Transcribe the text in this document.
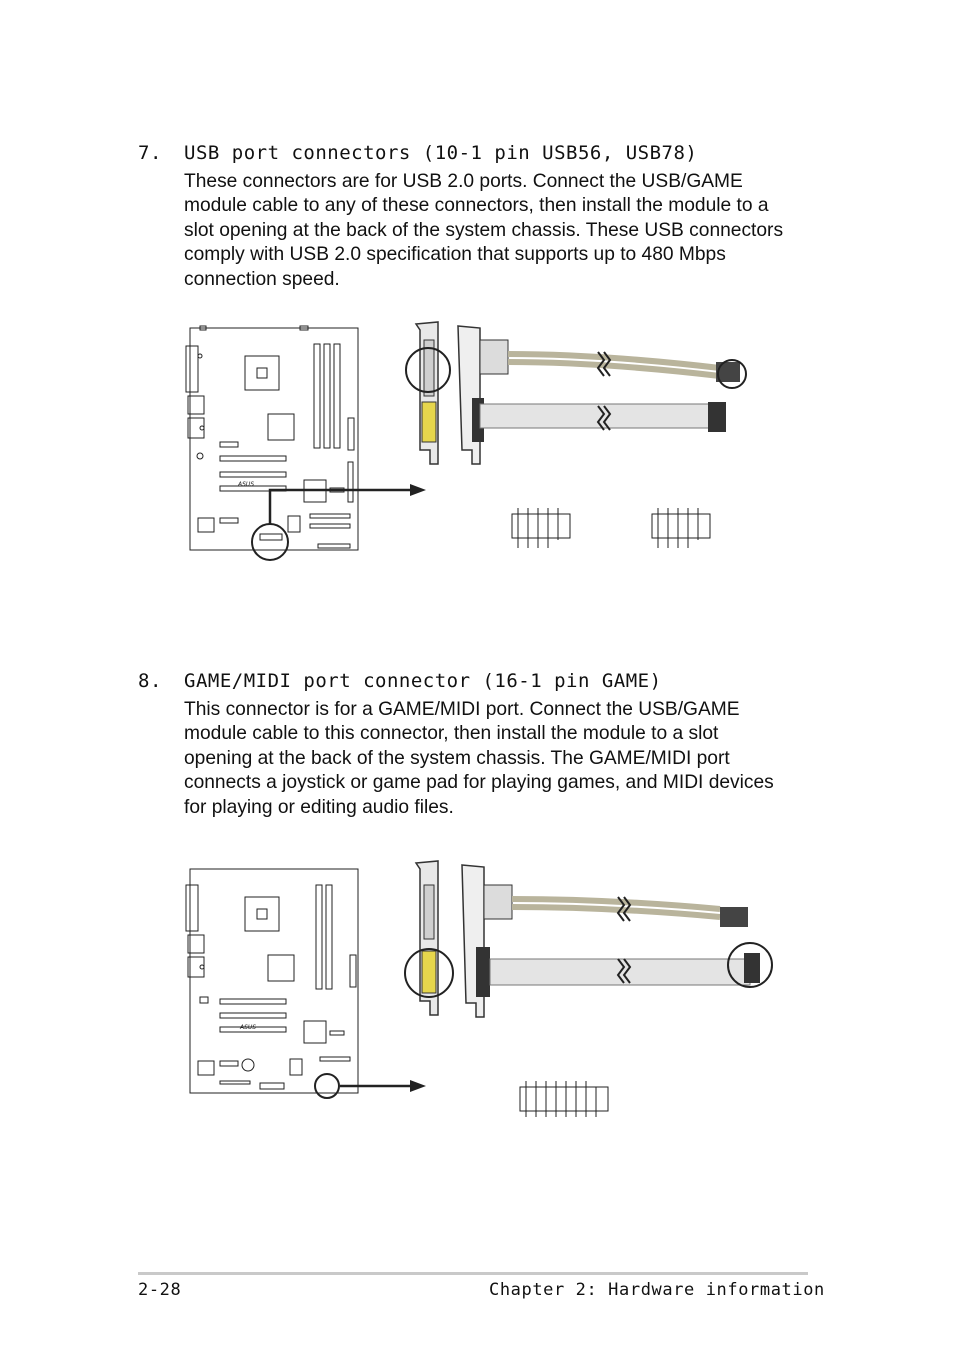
7. USB port connectors (10-1 pin USB56, USB78)
These connectors are for USB 2.0 ports. Connect the USB/GAME
module cable to any of these connectors, then install the module to a
slot opening at the back of the system chassis. These USB connectors
comply with USB 2.0 specification that supports up to 480 Mbps
connection speed.
ASUS
8. GAME/MIDI port connector (16-1 pin GAME)
This connector is for a GAME/MIDI port. Connect the USB/GAME
module cable to this connector, then install the module to a slot
opening at the back of the system chassis. The GAME/MIDI port
connects a joystick or game pad for playing games, and MIDI devices
for playing or editing audio files.
ASUS
2-28	Chapter 2: Hardware information
